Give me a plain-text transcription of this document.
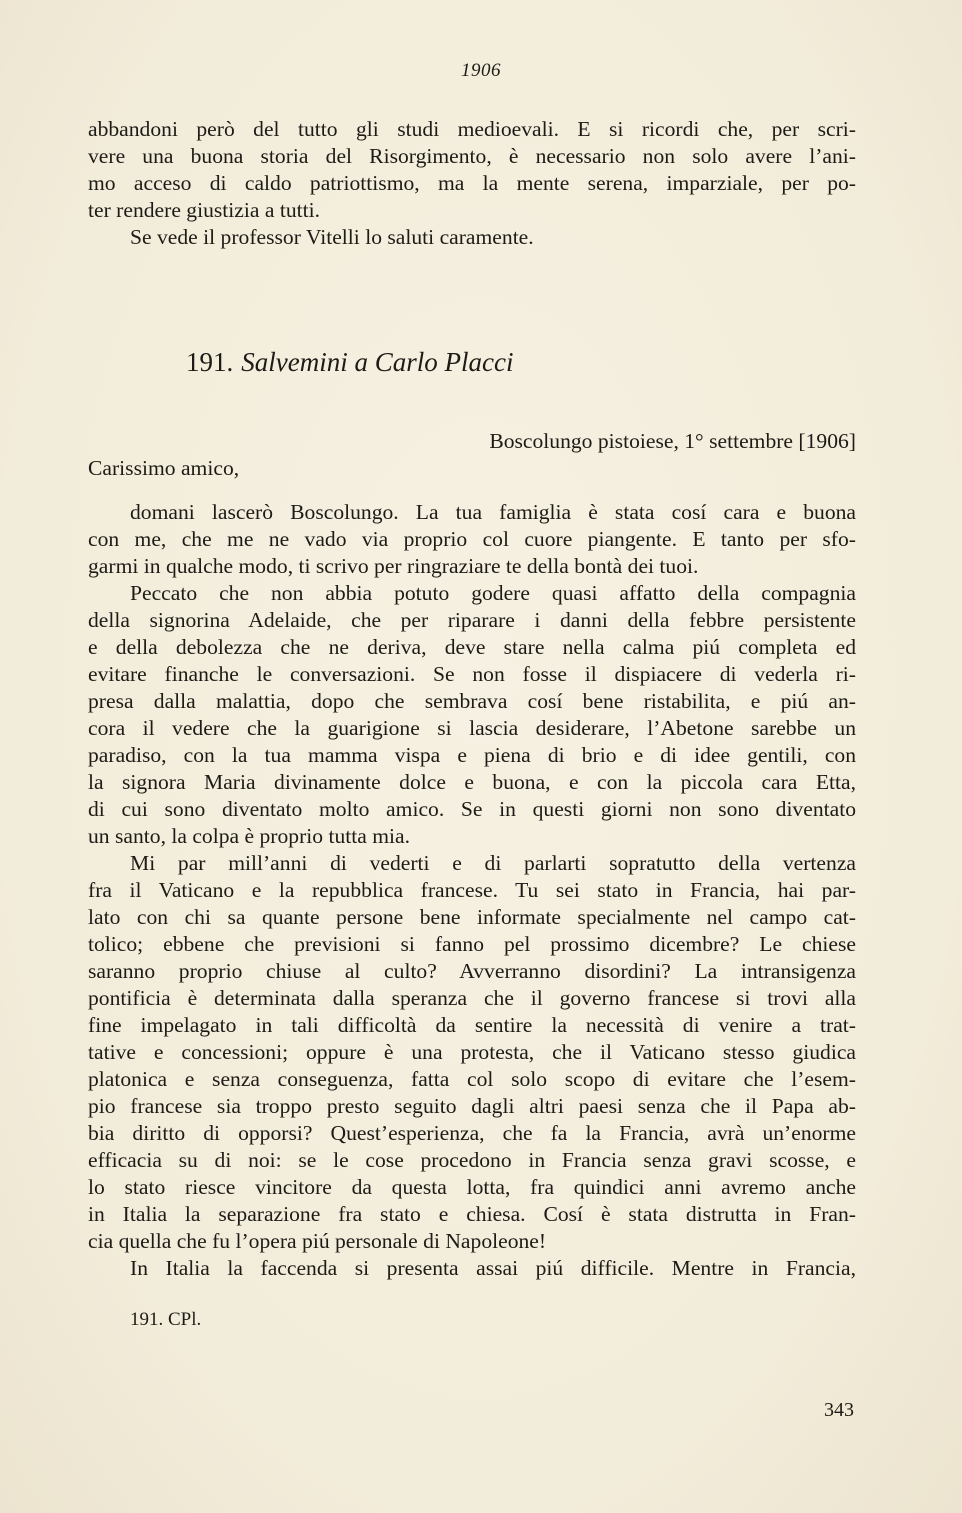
1906
abbandoni però del tutto gli studi medioevali. E si ricordi che, per scri-
vere una buona storia del Risorgimento, è necessario non solo avere l’ani-
mo acceso di caldo patriottismo, ma la mente serena, imparziale, per po-
ter rendere giustizia a tutti.
Se vede il professor Vitelli lo saluti caramente.
191. Salvemini a Carlo Placci
Boscolungo pistoiese, 1° settembre [1906]
Carissimo amico,
domani lascerò Boscolungo. La tua famiglia è stata cosí cara e buona
con me, che me ne vado via proprio col cuore piangente. E tanto per sfo-
garmi in qualche modo, ti scrivo per ringraziare te della bontà dei tuoi.
Peccato che non abbia potuto godere quasi affatto della compagnia
della signorina Adelaide, che per riparare i danni della febbre persistente
e della debolezza che ne deriva, deve stare nella calma piú completa ed
evitare finanche le conversazioni. Se non fosse il dispiacere di vederla ri-
presa dalla malattia, dopo che sembrava cosí bene ristabilita, e piú an-
cora il vedere che la guarigione si lascia desiderare, l’Abetone sarebbe un
paradiso, con la tua mamma vispa e piena di brio e di idee gentili, con
la signora Maria divinamente dolce e buona, e con la piccola cara Etta,
di cui sono diventato molto amico. Se in questi giorni non sono diventato
un santo, la colpa è proprio tutta mia.
Mi par mill’anni di vederti e di parlarti sopratutto della vertenza
fra il Vaticano e la repubblica francese. Tu sei stato in Francia, hai par-
lato con chi sa quante persone bene informate specialmente nel campo cat-
tolico; ebbene che previsioni si fanno pel prossimo dicembre? Le chiese
saranno proprio chiuse al culto? Avverranno disordini? La intransigenza
pontificia è determinata dalla speranza che il governo francese si trovi alla
fine impelagato in tali difficoltà da sentire la necessità di venire a trat-
tative e concessioni; oppure è una protesta, che il Vaticano stesso giudica
platonica e senza conseguenza, fatta col solo scopo di evitare che l’esem-
pio francese sia troppo presto seguito dagli altri paesi senza che il Papa ab-
bia diritto di opporsi? Quest’esperienza, che fa la Francia, avrà un’enorme
efficacia su di noi: se le cose procedono in Francia senza gravi scosse, e
lo stato riesce vincitore da questa lotta, fra quindici anni avremo anche
in Italia la separazione fra stato e chiesa. Cosí è stata distrutta in Fran-
cia quella che fu l’opera piú personale di Napoleone!
In Italia la faccenda si presenta assai piú difficile. Mentre in Francia,
191. CPl.
343
